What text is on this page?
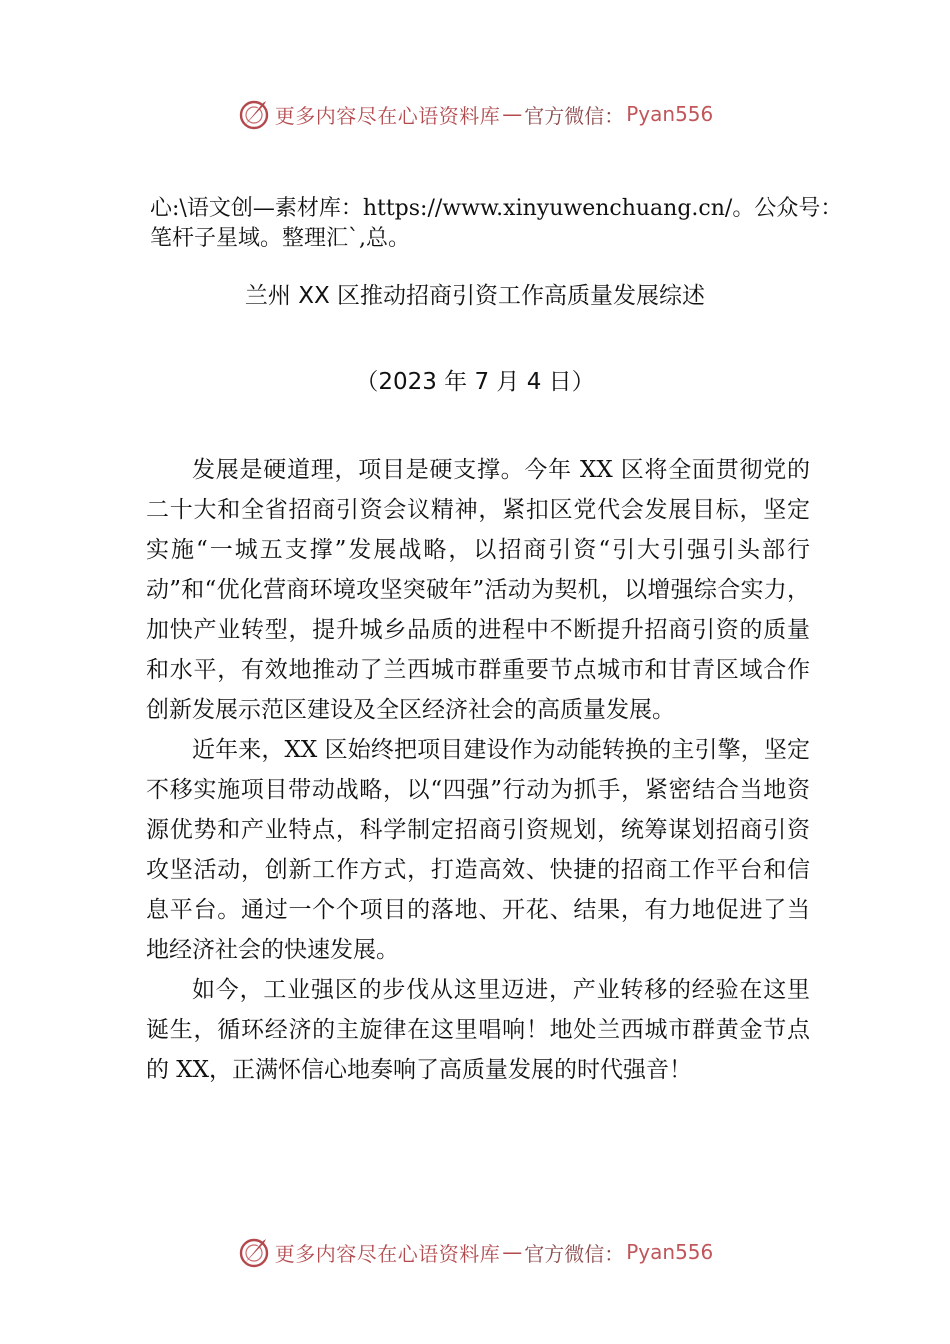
更多内容尽在心语资料库 — 官方微信： Pyan556
心:\语文创—素材库：https://www.xinyuwenchuang.cn/。公众号：笔杆子星域。整理汇`,总。
兰州 XX 区推动招商引资工作高质量发展综述
（2023 年 7 月 4 日）

发展是硬道理，项目是硬支撑。今年 XX 区将全面贯彻党的二十大和全省招商引资会议精神，紧扣区党代会发展目标，坚定实施“一城五支撑”发展战略，以招商引资“引大引强引头部行动”和“优化营商环境攻坚突破年”活动为契机，以增强综合实力，加快产业转型，提升城乡品质的进程中不断提升招商引资的质量和水平，有效地推动了兰西城市群重要节点城市和甘青区域合作创新发展示范区建设及全区经济社会的高质量发展。

近年来，XX 区始终把项目建设作为动能转换的主引擎，坚定不移实施项目带动战略，以“四强”行动为抓手，紧密结合当地资源优势和产业特点，科学制定招商引资规划，统筹谋划招商引资攻坚活动，创新工作方式，打造高效、快捷的招商工作平台和信息平台。通过一个个项目的落地、开花、结果，有力地促进了当地经济社会的快速发展。

如今，工业强区的步伐从这里迈进，产业转移的经验在这里诞生，循环经济的主旋律在这里唱响！地处兰西城市群黄金节点的 XX，正满怀信心地奏响了高质量发展的时代强音！

更多内容尽在心语资料库 — 官方微信： Pyan556
